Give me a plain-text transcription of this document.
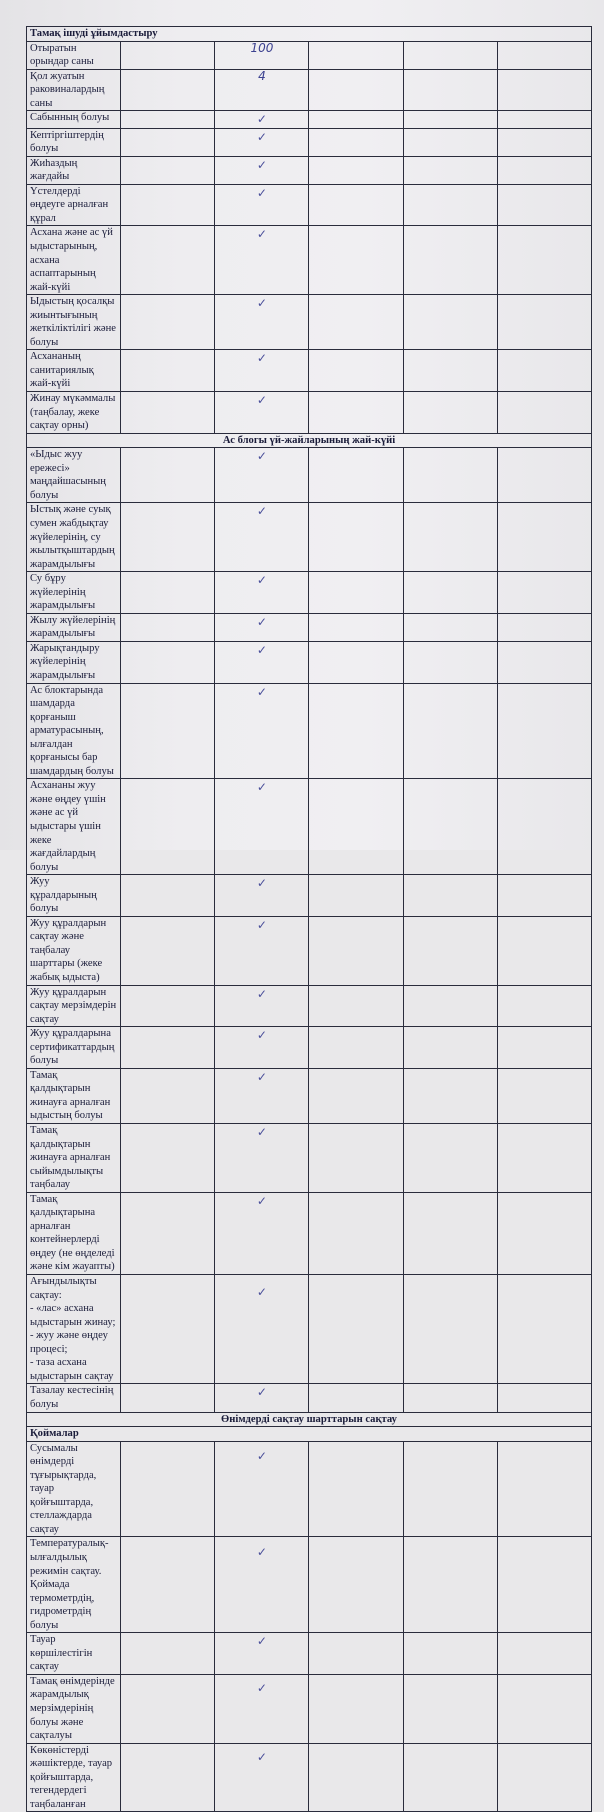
Тамақ ішуді ұйымдастыру					
Отыратын орындар саны		100			

Қол жуатын раковиналардың саны		4			

Сабынның болуы		✓			

Кептіргіштердің болуы		✓			

Жиhаздың жағдайы		✓			

Үстелдерді өңдеуге арналған құрал		✓			

Асхана және ас үй ыдыстарының, асхана аспаптарының жай-күйі		✓			

Ыдыстың қосалқы жиынтығының жеткіліктілігі және болуы		✓			

Асхананың санитариялық жай-күйі		✓			

Жинау мүкәммалы (таңбалау, жеке сақтау орны)		✓			

Ас блогы үй-жайларының жай-күйі					
«Ыдыс жуу ережесі» маңдайшасының болуы		✓			

Ыстық және суық сумен жабдықтау жүйелерінің, су жылытқыштардың жарамдылығы		✓			

Су бұру жүйелерінің жарамдылығы		✓			

Жылу жүйелерінің жарамдылығы		✓			

Жарықтандыру жүйелерінің жарамдылығы		✓			

Ас блоктарында шамдарда қорғаныш арматурасының, ылғалдан қорғанысы бар шамдардың болуы		✓			

Асхананы жуу және өңдеу үшін және ас үй ыдыстары үшін жеке жағдайлардың болуы		✓			

Жуу құралдарының болуы		✓			

Жуу құралдарын сақтау және таңбалау шарттары (жеке жабық ыдыста)		✓			

Жуу құралдарын сақтау мерзімдерін сақтау		✓			

Жуу құралдарына сертификаттардың болуы		✓			

Тамақ қалдықтарын жинауға арналған ыдыстың болуы		✓			

Тамақ қалдықтарын жинауға арналған сыйымдылықты таңбалау		✓			

Тамақ қалдықтарына арналған контейнерлерді өңдеу (не өңделеді және кім жауапты)		✓			

Ағындылықты сақтау:
- «лас» асхана ыдыстарын жинау;
- жуу және өңдеу процесі;
- таза асхана ыдыстарын сақтау		✓			

Тазалау кестесінің болуы		✓			

Өнімдерді сақтау шарттарын сақтау					
Қоймалар					
Сусымалы өнімдерді тұғырықтарда, тауар қойғыштарда, стеллаждарда сақтау		✓			

Температуралық-ылғалдылық режимін сақтау. Қоймада термометрдің, гидрометрдің болуы		✓			

Тауар көршілестігін сақтау		✓			

Тамақ өнімдерінде жарамдылық мерзімдерінің болуы және сақталуы		✓			

Көкөністерді жәшіктерде, тауар қойғыштарда, тегендердегі таңбаланған		✓			
